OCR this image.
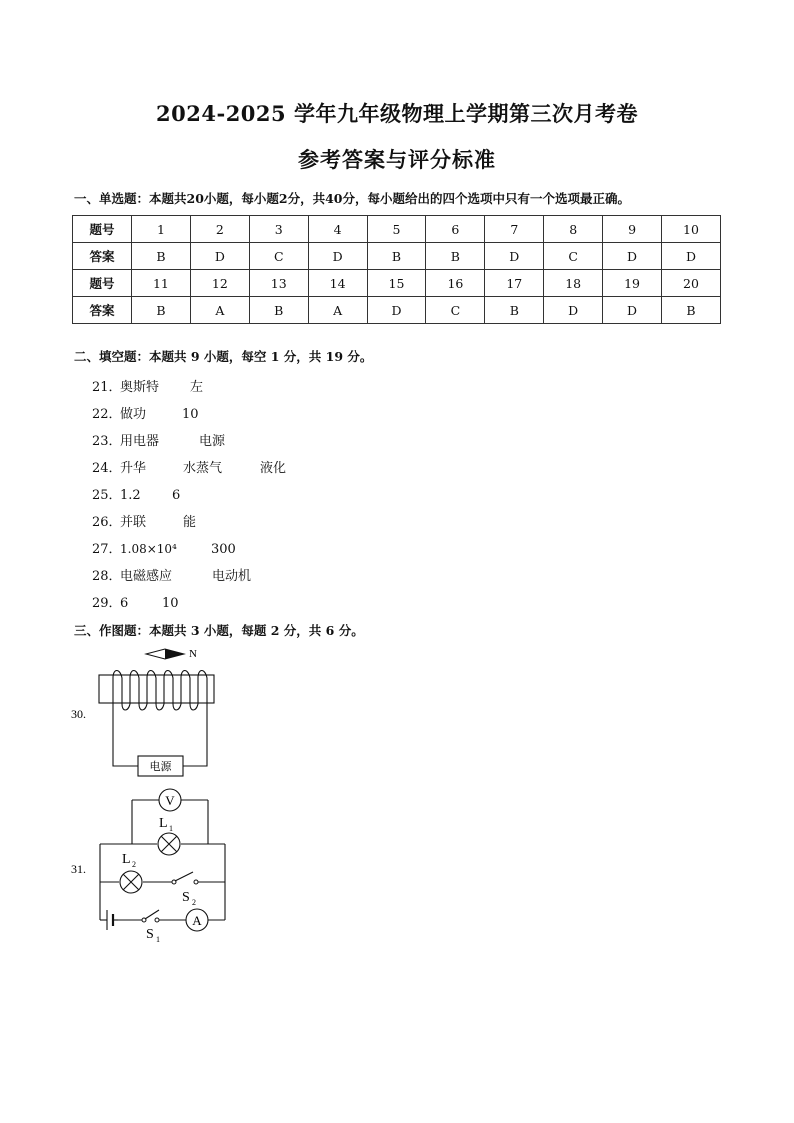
2024-2025 学年九年级物理上学期第三次月考卷
参考答案与评分标准
一、单选题：本题共20小题，每小题2分，共40分，每小题给出的四个选项中只有一个选项最正确。
题号	1	2	3	4	5	6	7	8	9	10
答案	B	D	C	D	B	B	D	C	D	D
题号	11	12	13	14	15	16	17	18	19	20
答案	B	A	B	A	D	C	B	D	D	B
二、填空题：本题共 9 小题，每空 1 分，共 19 分。
21．奥斯特 左
22．做功	10
23．用电器	电源
24．升华	水蒸气	液化
25．1.2 6
26．并联	能
27．1.08×10⁴	300
28．电磁感应	电动机
29．6	10
三、作图题：本题共 3 小题，每题 2 分，共 6 分。
30.
N
电源
31.
V
L 1
L 2
S 2
S 1
A
